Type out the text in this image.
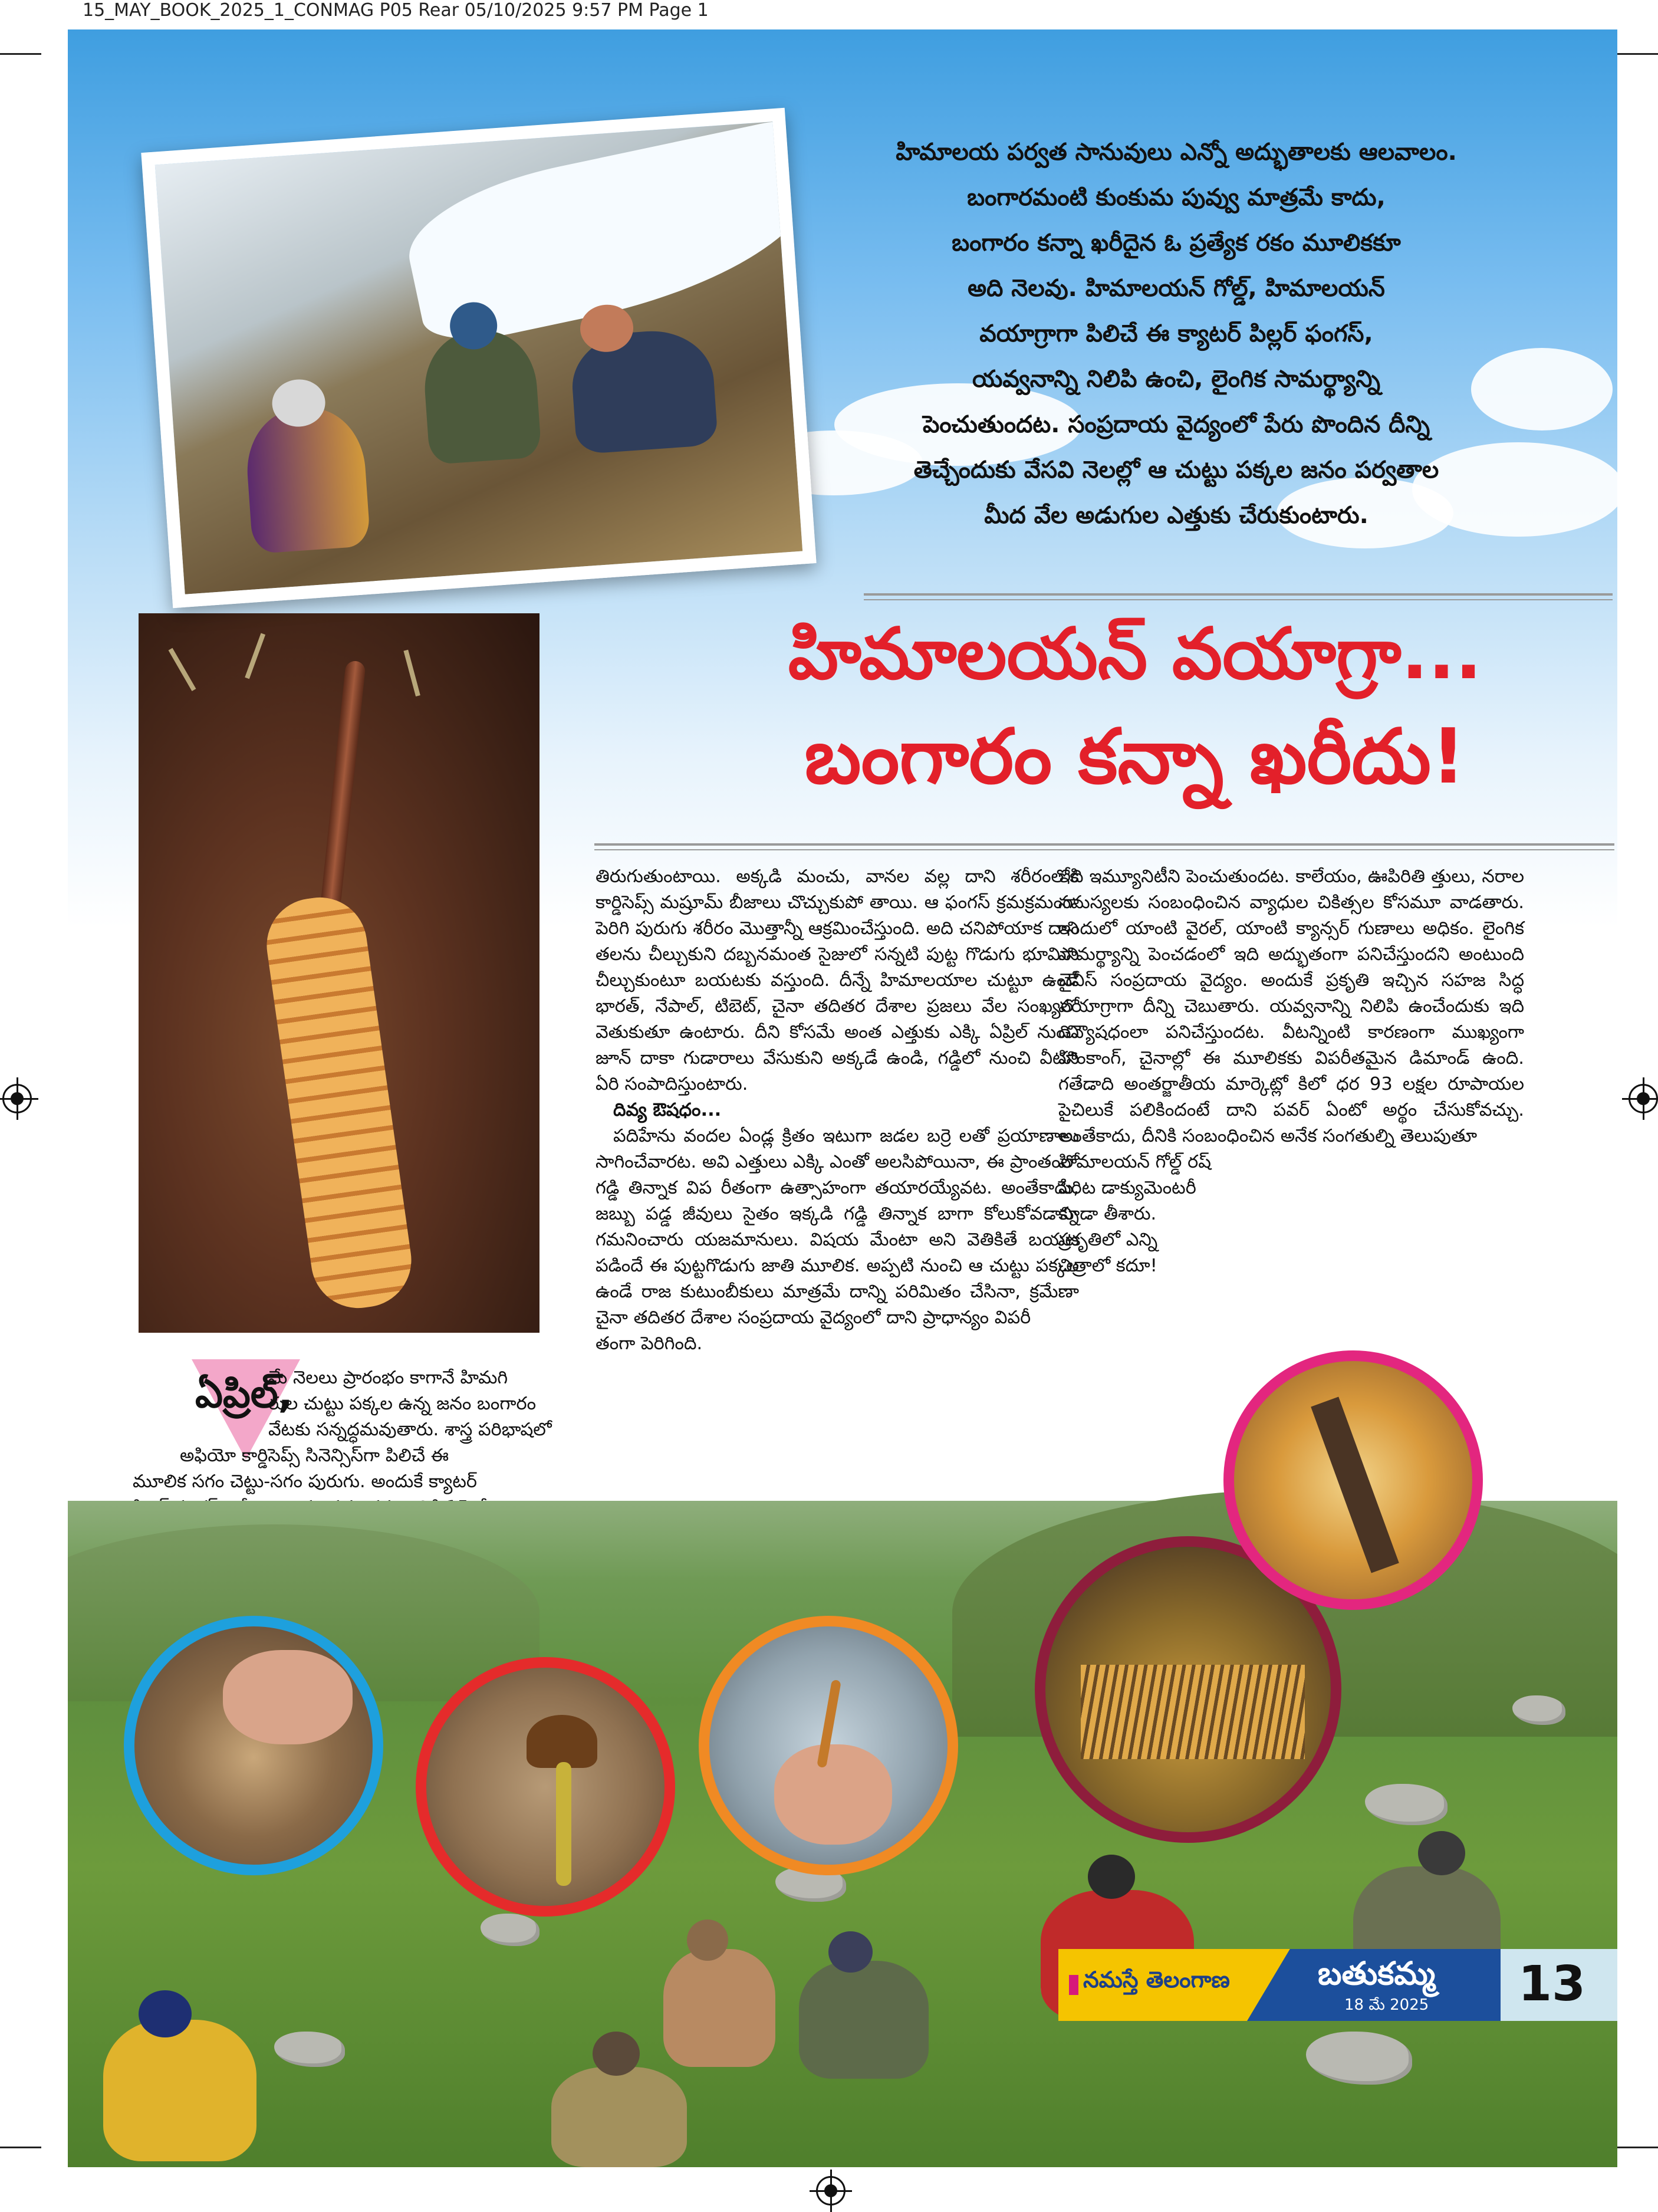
15_MAY_BOOK_2025_1_CONMAG P05 Rear 05/10/2025 9:57 PM Page 1

హిమాలయ పర్వత సానువులు ఎన్నో అద్భుతాలకు ఆలవాలం.

బంగారమంటి కుంకుమ పువ్వు మాత్రమే కాదు,

బంగారం కన్నా ఖరీదైన ఓ ప్రత్యేక రకం మూలికకూ

అది నెలవు. హిమాలయన్ గోల్డ్, హిమాలయన్

వయాగ్రాగా పిలిచే ఈ క్యాటర్ పిల్లర్ ఫంగస్,

యవ్వనాన్ని నిలిపి ఉంచి, లైంగిక సామర్థ్యాన్ని

పెంచుతుందట. సంప్రదాయ వైద్యంలో పేరు పొందిన దీన్ని

తెచ్చేందుకు వేసవి నెలల్లో ఆ చుట్టు పక్కల జనం పర్వతాల

మీద వేల అడుగుల ఎత్తుకు చేరుకుంటారు.

హిమాలయన్ వయాగ్రా...
బంగారం కన్నా ఖరీదు!
ఏప్రిల్,

మే నెలలు ప్రారంభం కాగానే హిమగి

రుల చుట్టు పక్కల ఉన్న జనం బంగారం

వేటకు సన్నద్ధమవుతారు. శాస్త్ర పరిభాషలో

అఫియో కార్డిసెప్స్ సినెన్సిస్‌గా పిలిచే ఈ

మూలిక సగం చెట్టు-సగం పురుగు. అందుకే క్యాటర్

తిరుగుతుంటాయి. అక్కడి మంచు, వానల వల్ల దాని శరీరంలోకి కార్డిసెప్స్ మష్రూమ్ బీజాలు చొచ్చుకుపో తాయి. ఆ ఫంగస్ క్రమక్రమంగా పెరిగి పురుగు శరీరం మొత్తాన్నీ ఆక్రమించేస్తుంది. అది చనిపోయాక దాని తలను చీల్చుకుని దబ్బనమంత సైజులో సన్నటి పుట్ట గొడుగు భూమిని చీల్చుకుంటూ బయటకు వస్తుంది. దీన్నే హిమాలయాల చుట్టూ ఉండే భారత్, నేపాల్, టిబెట్, చైనా తదితర దేశాల ప్రజలు వేల సంఖ్యలో వెతుకుతూ ఉంటారు. దీని కోసమే అంత ఎత్తుకు ఎక్కి ఏప్రిల్ నుంచి జూన్ దాకా గుడారాలు వేసుకుని అక్కడే ఉండి, గడ్డిలో నుంచి వీటిని ఏరి సంపాదిస్తుంటారు.

దివ్య ఔషధం...

పదిహేను వందల ఏండ్ల క్రితం ఇటుగా జడల బర్రె లతో ప్రయాణాలు సాగించేవారట. అవి ఎత్తులు ఎక్కి ఎంతో అలసిపోయినా, ఈ ప్రాంతంలో గడ్డి తిన్నాక విప రీతంగా ఉత్సాహంగా తయారయ్యేవట. అంతేకాదు, జబ్బు పడ్డ జీవులు సైతం ఇక్కడి గడ్డి తిన్నాక బాగా కోలుకోవడాన్ని గమనించారు యజమానులు. విషయ మేంటా అని వెతికితే బయట పడిందే ఈ పుట్టగొడుగు జాతి మూలిక. అప్పటి నుంచి ఆ చుట్టు పక్కల ఉండే రాజ కుటుంబీకులు మాత్రమే దాన్ని పరిమితం చేసినా, క్రమేణా చైనా తదితర దేశాల సంప్రదాయ వైద్యంలో దాని ప్రాధాన్యం విపరీ

తంగా పెరిగింది.

ఇది ఇమ్యూనిటీని పెంచుతుందట. కాలేయం, ఊపిరితి త్తులు, నరాల సమస్యలకు సంబంధించిన వ్యాధుల చికిత్సల కోసమూ వాడతారు. ఇందులో యాంటి వైరల్, యాంటి క్యాన్సర్ గుణాలు అధికం. లైంగిక సామర్థ్యాన్ని పెంచడంలో ఇది అద్భుతంగా పనిచేస్తుందని అంటుంది చైనీస్ సంప్రదాయ వైద్యం. అందుకే ప్రకృతి ఇచ్చిన సహజ సిద్ధ వయాగ్రాగా దీన్ని చెబుతారు. యవ్వనాన్ని నిలిపి ఉంచేందుకు ఇది దివ్యౌషధంలా పనిచేస్తుందట. వీటన్నింటి కారణంగా ముఖ్యంగా హాంకాంగ్, చైనాల్లో ఈ మూలికకు విపరీతమైన డిమాండ్ ఉంది. గతేడాది అంతర్జాతీయ మార్కెట్లో కిలో ధర 93 లక్షల రూపాయల పైచిలుకే పలికిందంటే దాని పవర్ ఏంటో అర్థం చేసుకోవచ్చు. అంతేకాదు, దీనికి సంబంధించిన అనేక సంగతుల్ని తెలుపుతూ

హిమాలయన్ గోల్డ్ రష్

పేరిట డాక్యుమెంటరీ

కూడా తీశారు.

ప్రకృతిలో ఎన్ని

చిత్రాలో కదూ!

నమస్తే తెలంగాణ	బతుకమ్మ
18 మే 2025 13
